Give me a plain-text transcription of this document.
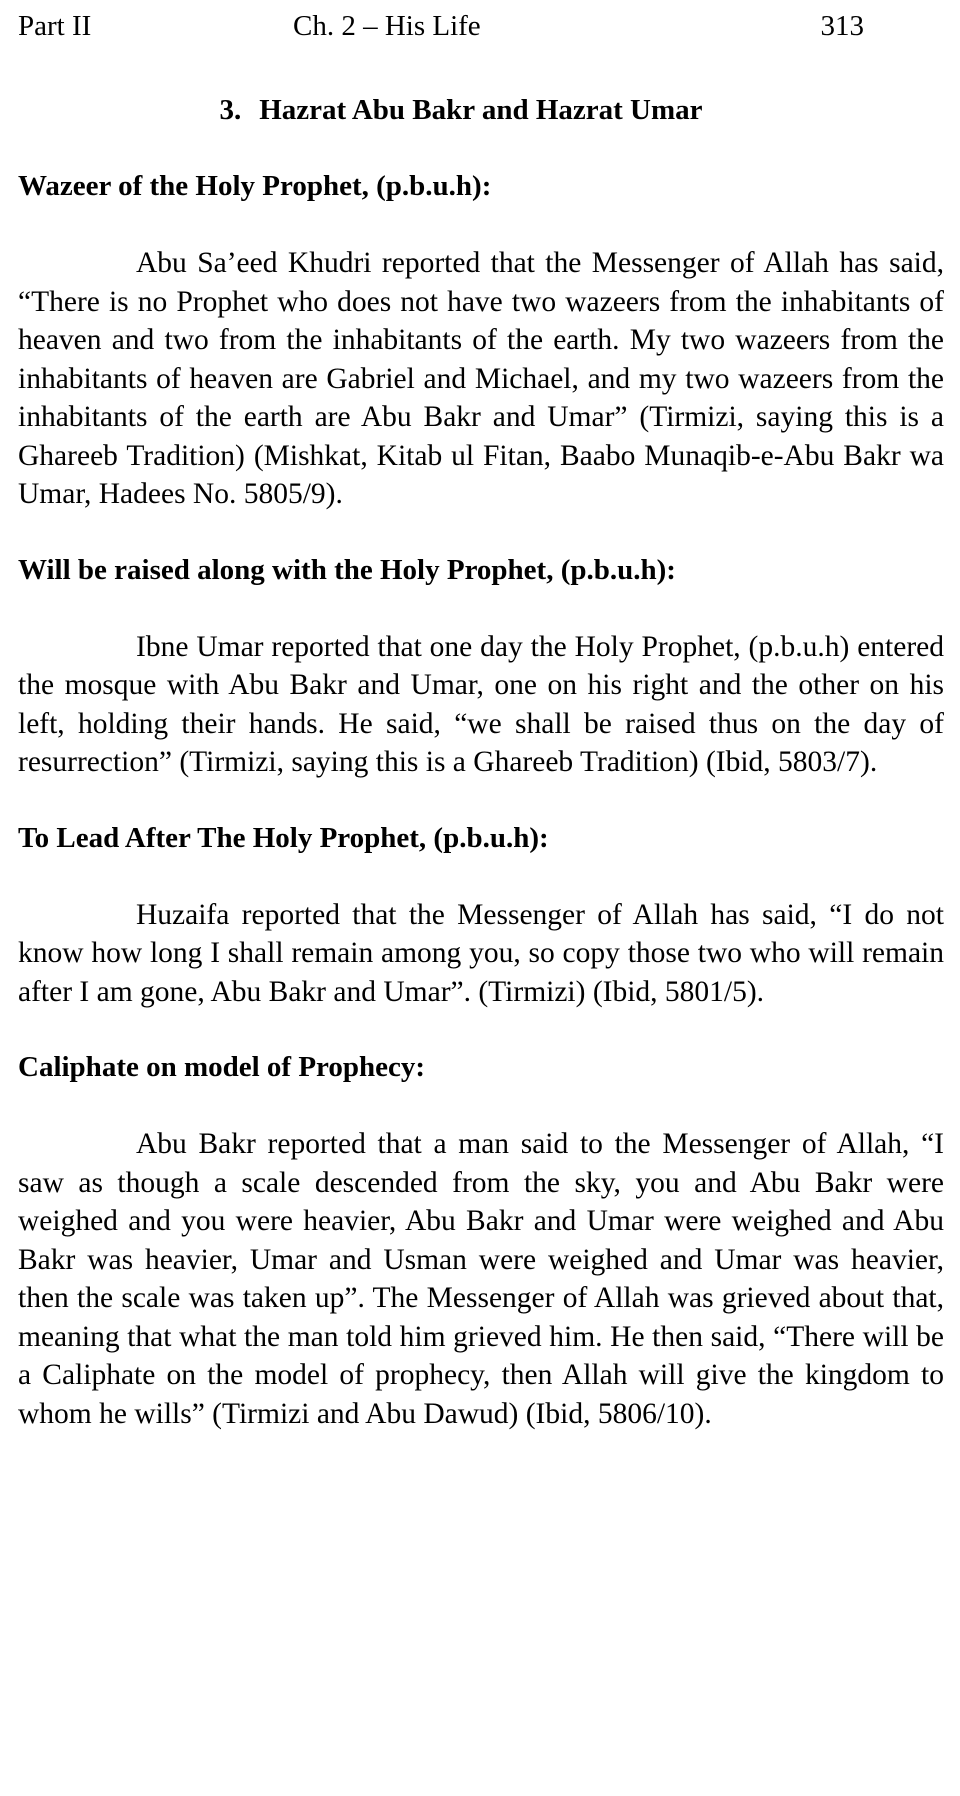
Part II	Ch. 2 – His Life	313
3. Hazrat Abu Bakr and Hazrat Umar
Wazeer of the Holy Prophet, (p.b.u.h):

Abu Sa’eed Khudri reported that the Messenger of Allah has said, “There is no Prophet who does not have two wazeers from the inhabitants of heaven and two from the inhabitants of the earth. My two wazeers from the inhabitants of heaven are Gabriel and Michael, and my two wazeers from the inhabitants of the earth are Abu Bakr and Umar” (Tirmizi, saying this is a Ghareeb Tradition) (Mishkat, Kitab ul Fitan, Baabo Munaqib-e-Abu Bakr wa Umar, Hadees No. 5805/9).

Will be raised along with the Holy Prophet, (p.b.u.h):

Ibne Umar reported that one day the Holy Prophet, (p.b.u.h) entered the mosque with Abu Bakr and Umar, one on his right and the other on his left, holding their hands. He said, “we shall be raised thus on the day of resurrection” (Tirmizi, saying this is a Ghareeb Tradition) (Ibid, 5803/7).

To Lead After The Holy Prophet, (p.b.u.h):

Huzaifa reported that the Messenger of Allah has said, “I do not know how long I shall remain among you, so copy those two who will remain after I am gone, Abu Bakr and Umar”. (Tirmizi) (Ibid, 5801/5).

Caliphate on model of Prophecy:

Abu Bakr reported that a man said to the Messenger of Allah, “I saw as though a scale descended from the sky, you and Abu Bakr were weighed and you were heavier, Abu Bakr and Umar were weighed and Abu Bakr was heavier, Umar and Usman were weighed and Umar was heavier, then the scale was taken up”. The Messenger of Allah was grieved about that, meaning that what the man told him grieved him. He then said, “There will be a Caliphate on the model of prophecy, then Allah will give the kingdom to whom he wills” (Tirmizi and Abu Dawud) (Ibid, 5806/10).
